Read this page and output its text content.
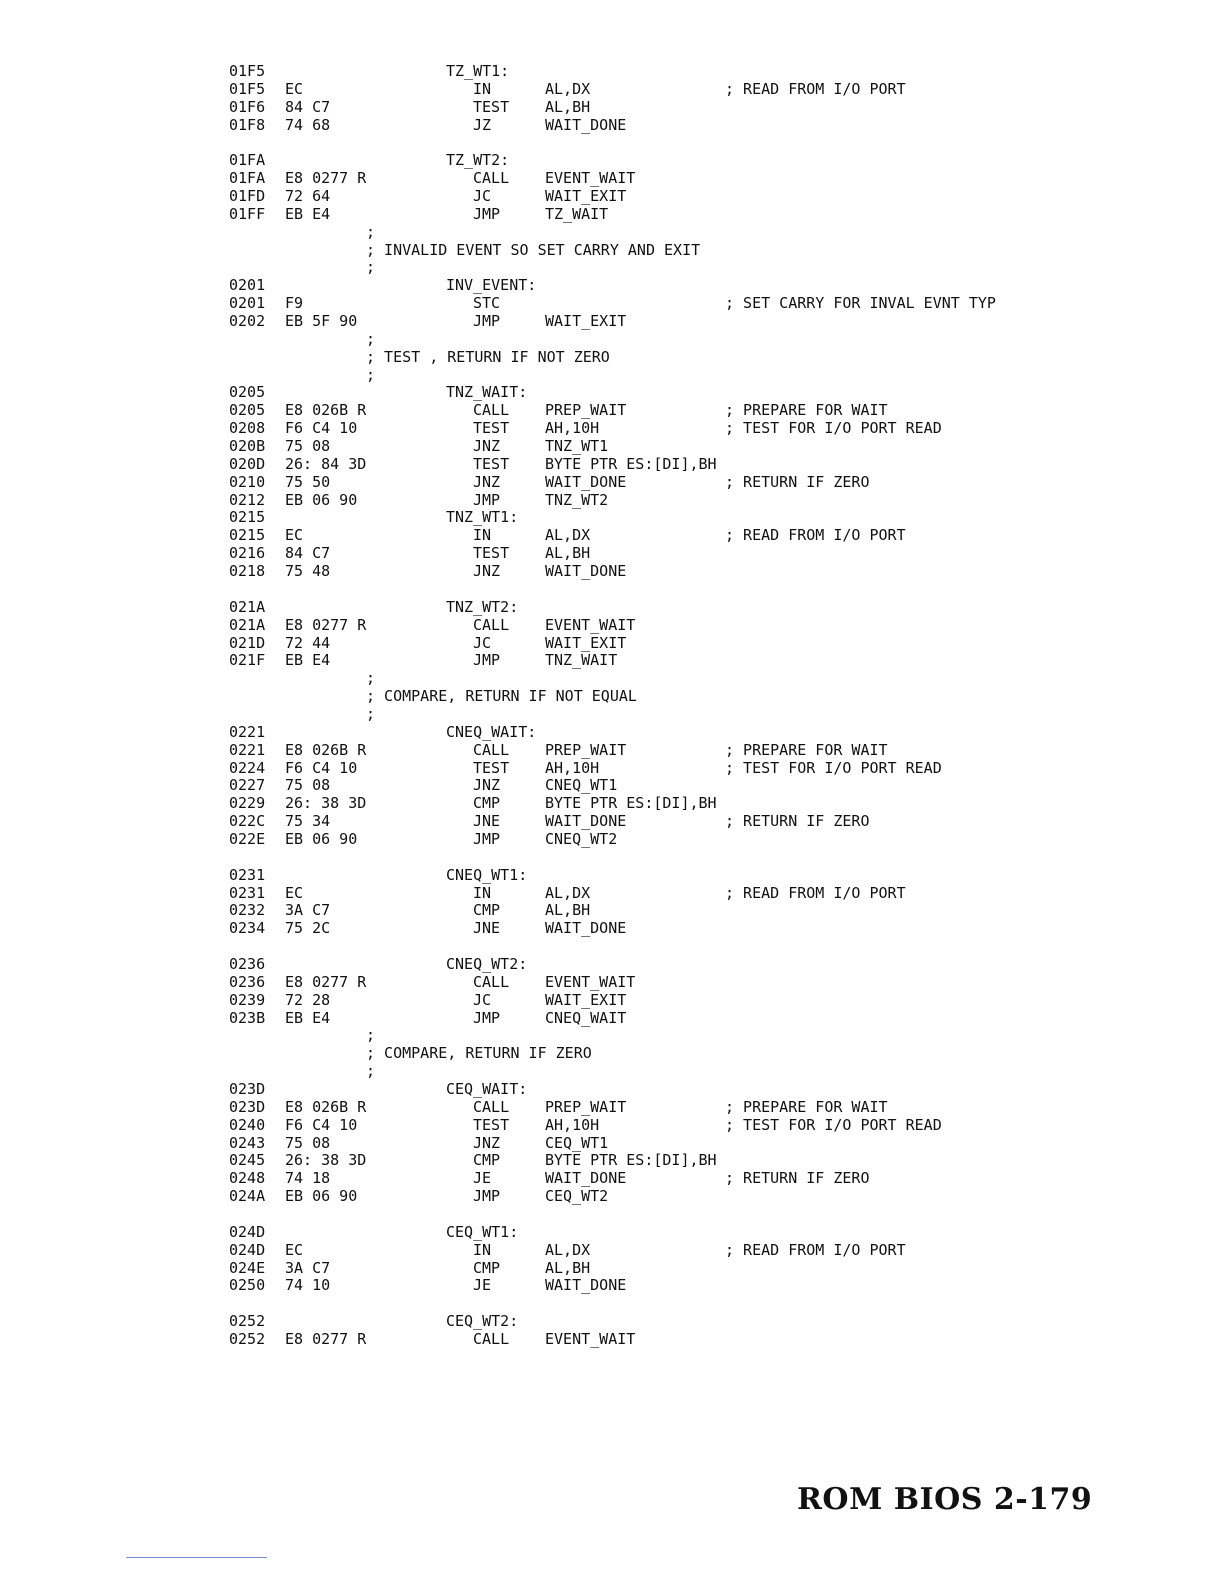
01F5	TZ_WT1:
01F5 EC	IN	AL,DX	; READ FROM I/O PORT
01F6 84 C7	TEST AL,BH
01F8 74 68	JZ	WAIT_DONE
01FA	TZ_WT2:
01FA E8 0277 R	CALL EVENT_WAIT
01FD 72 64	JC	WAIT_EXIT
01FF EB E4	JMP	TZ_WAIT
;
; INVALID EVENT SO SET CARRY AND EXIT
;
0201	INV_EVENT:
0201 F9	STC	; SET CARRY FOR INVAL EVNT TYP
0202 EB 5F 90	JMP	WAIT_EXIT
;
; TEST , RETURN IF NOT ZERO
;
0205	TNZ_WAIT:
0205 E8 026B R	CALL PREP_WAIT	; PREPARE FOR WAIT
0208 F6 C4 10	TEST AH,10H	; TEST FOR I/O PORT READ
020B 75 08	JNZ	TNZ_WT1
020D 26: 84 3D	TEST BYTE PTR ES:[DI],BH
0210 75 50	JNZ	WAIT_DONE	; RETURN IF ZERO
0212 EB 06 90	JMP	TNZ_WT2
0215	TNZ_WT1:
0215 EC	IN	AL,DX	; READ FROM I/O PORT
0216 84 C7	TEST AL,BH
0218 75 48	JNZ	WAIT_DONE
021A	TNZ_WT2:
021A E8 0277 R	CALL EVENT_WAIT
021D 72 44	JC	WAIT_EXIT
021F EB E4	JMP	TNZ_WAIT
;
; COMPARE, RETURN IF NOT EQUAL
;
0221	CNEQ_WAIT:
0221 E8 026B R	CALL PREP_WAIT	; PREPARE FOR WAIT
0224 F6 C4 10	TEST AH,10H	; TEST FOR I/O PORT READ
0227 75 08	JNZ	CNEQ_WT1
0229 26: 38 3D	CMP	BYTE PTR ES:[DI],BH
022C 75 34	JNE	WAIT_DONE	; RETURN IF ZERO
022E EB 06 90	JMP	CNEQ_WT2
0231	CNEQ_WT1:
0231 EC	IN	AL,DX	; READ FROM I/O PORT
0232 3A C7	CMP	AL,BH
0234 75 2C	JNE	WAIT_DONE
0236	CNEQ_WT2:
0236 E8 0277 R	CALL EVENT_WAIT
0239 72 28	JC	WAIT_EXIT
023B EB E4	JMP	CNEQ_WAIT
;
; COMPARE, RETURN IF ZERO
;
023D	CEQ_WAIT:
023D E8 026B R	CALL PREP_WAIT	; PREPARE FOR WAIT
0240 F6 C4 10	TEST AH,10H	; TEST FOR I/O PORT READ
0243 75 08	JNZ	CEQ_WT1
0245 26: 38 3D	CMP	BYTE PTR ES:[DI],BH
0248 74 18	JE	WAIT_DONE	; RETURN IF ZERO
024A EB 06 90	JMP	CEQ_WT2
024D	CEQ_WT1:
024D EC	IN	AL,DX	; READ FROM I/O PORT
024E 3A C7	CMP	AL,BH
0250 74 10	JE	WAIT_DONE
0252	CEQ_WT2:
0252 E8 0277 R	CALL EVENT_WAIT
ROM BIOS 2-179
